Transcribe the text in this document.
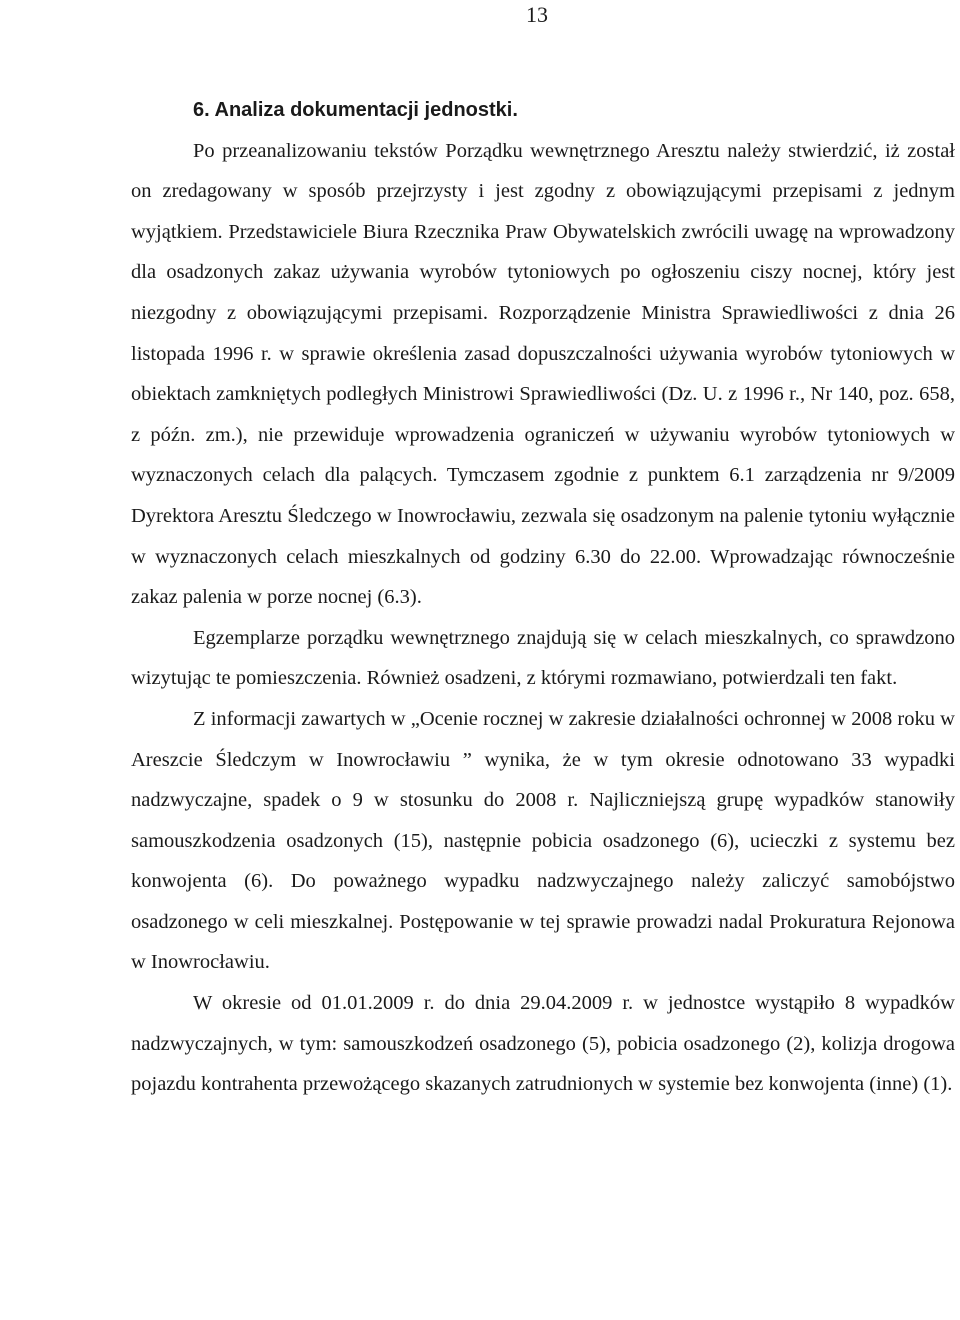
13
6. Analiza dokumentacji jednostki.

Po przeanalizowaniu tekstów Porządku wewnętrznego Aresztu należy stwierdzić, iż został on zredagowany w sposób przejrzysty i jest zgodny z obowiązującymi przepisami z jednym wyjątkiem. Przedstawiciele Biura Rzecznika Praw Obywatelskich zwrócili uwagę na wprowadzony dla osadzonych zakaz używania wyrobów tytoniowych po ogłoszeniu ciszy nocnej, który jest niezgodny z obowiązującymi przepisami. Rozporządzenie Ministra Sprawiedliwości z dnia 26 listopada 1996 r. w sprawie określenia zasad dopuszczalności używania wyrobów tytoniowych w obiektach zamkniętych podległych Ministrowi Sprawiedliwości (Dz. U. z 1996 r., Nr 140, poz. 658, z późn. zm.), nie przewiduje wprowadzenia ograniczeń w używaniu wyrobów tytoniowych w wyznaczonych celach dla palących. Tymczasem zgodnie z punktem 6.1 zarządzenia nr 9/2009 Dyrektora Aresztu Śledczego w Inowrocławiu, zezwala się osadzonym na palenie tytoniu wyłącznie w wyznaczonych celach mieszkalnych od godziny 6.30 do 22.00. Wprowadzając równocześnie zakaz palenia w porze nocnej (6.3).

Egzemplarze porządku wewnętrznego znajdują się w celach mieszkalnych, co sprawdzono wizytując te pomieszczenia. Również osadzeni, z którymi rozmawiano, potwierdzali ten fakt.

Z informacji zawartych w „Ocenie rocznej w zakresie działalności ochronnej w 2008 roku w Areszcie Śledczym w Inowrocławiu ” wynika, że w tym okresie odnotowano 33 wypadki nadzwyczajne, spadek o 9 w stosunku do 2008 r. Najliczniejszą grupę wypadków stanowiły samouszkodzenia osadzonych (15), następnie pobicia osadzonego (6), ucieczki z systemu bez konwojenta (6). Do poważnego wypadku nadzwyczajnego należy zaliczyć samobójstwo osadzonego w celi mieszkalnej. Postępowanie w tej sprawie prowadzi nadal Prokuratura Rejonowa w Inowrocławiu.

W okresie od 01.01.2009 r. do dnia 29.04.2009 r. w jednostce wystąpiło 8 wypadków nadzwyczajnych, w tym: samouszkodzeń osadzonego (5), pobicia osadzonego (2), kolizja drogowa pojazdu kontrahenta przewożącego skazanych zatrudnionych w systemie bez konwojenta (inne) (1).
